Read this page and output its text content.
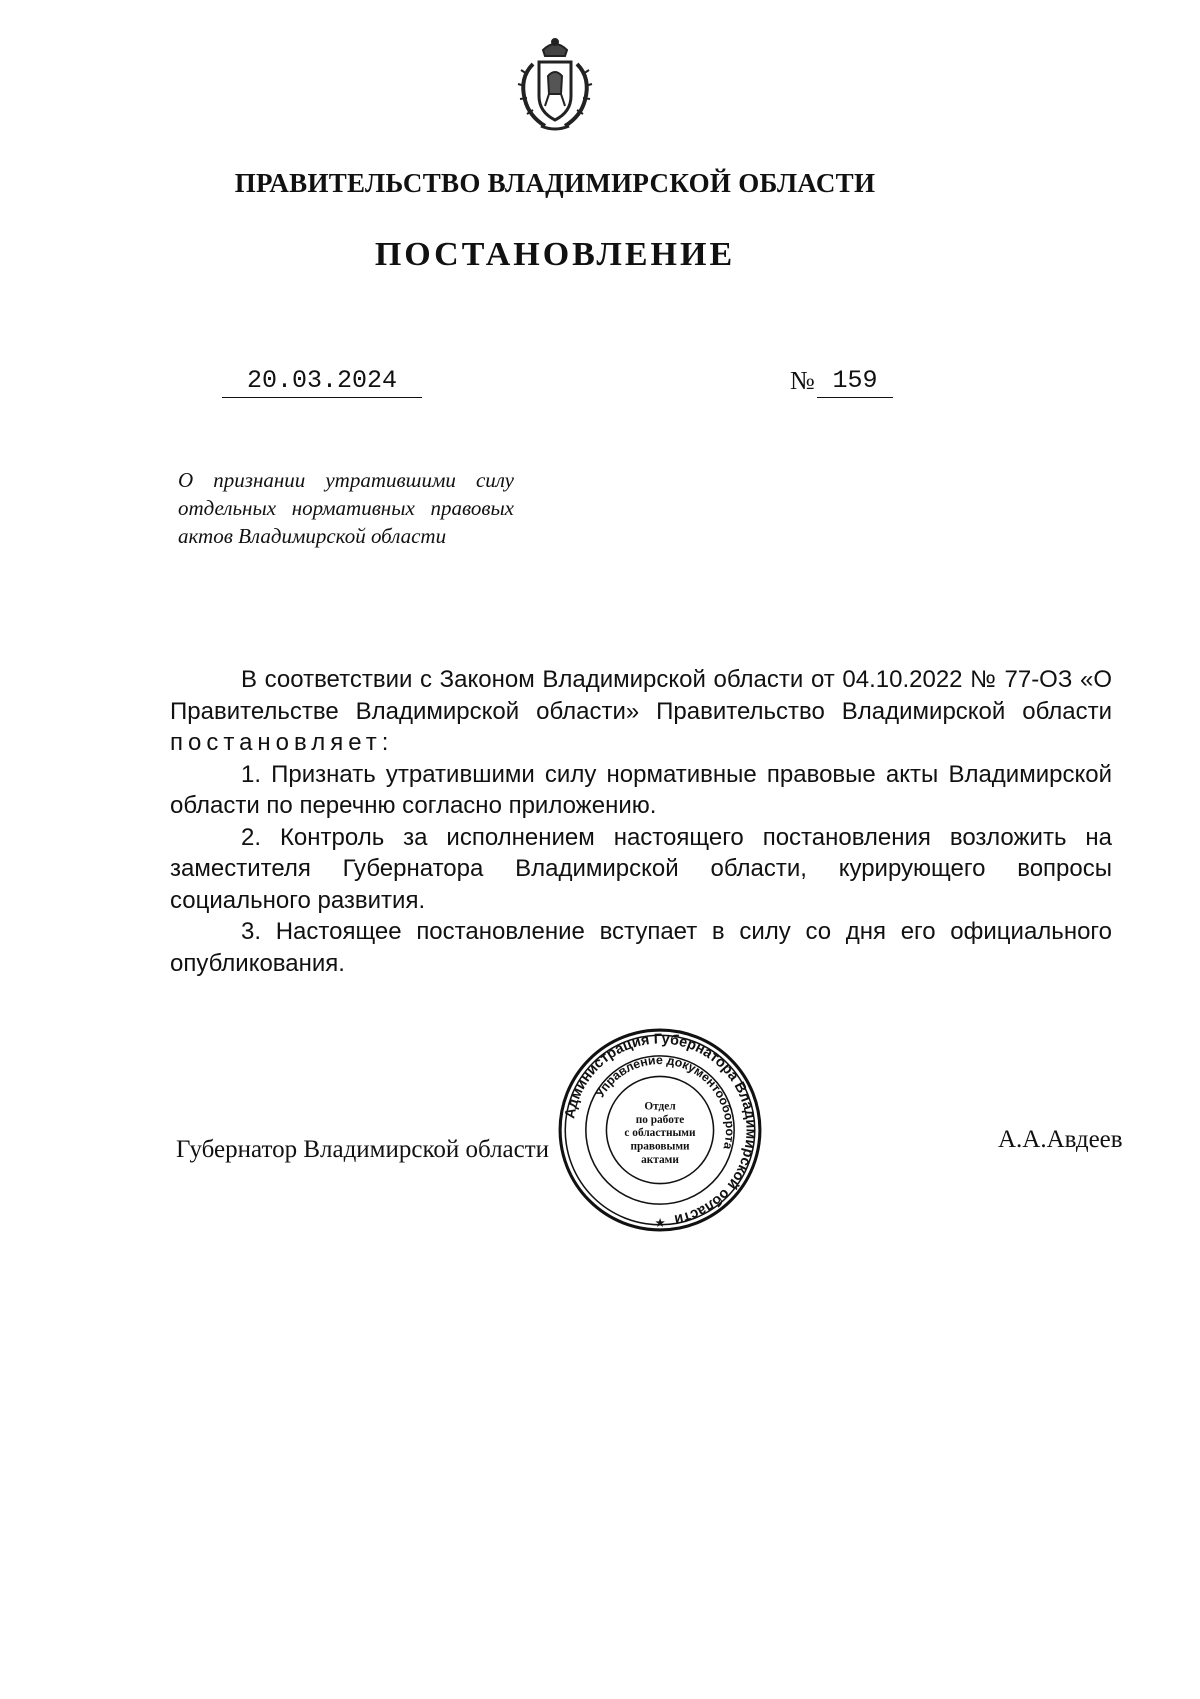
ПРАВИТЕЛЬСТВО ВЛАДИМИРСКОЙ ОБЛАСТИ
ПОСТАНОВЛЕНИЕ
20.03.2024	№ 159
О признании утратившими силу отдельных нормативных правовых актов Владимирской области

В соответствии с Законом Владимирской области от 04.10.2022 № 77-ОЗ «О Правительстве Владимирской области» Правительство Владимирской области постановляет:

1. Признать утратившими силу нормативные правовые акты Владимирской области по перечню согласно приложению.

2. Контроль за исполнением настоящего постановления возложить на заместителя Губернатора Владимирской области, курирующего вопросы социального развития.

3. Настоящее постановление вступает в силу со дня его официального опубликования.

Губернатор Владимирской области	А.А.Авдеев
Администрация Губернатора Владимирской области
Управление документооборота
Отдел
по работе
с областными
правовыми
актами
★
